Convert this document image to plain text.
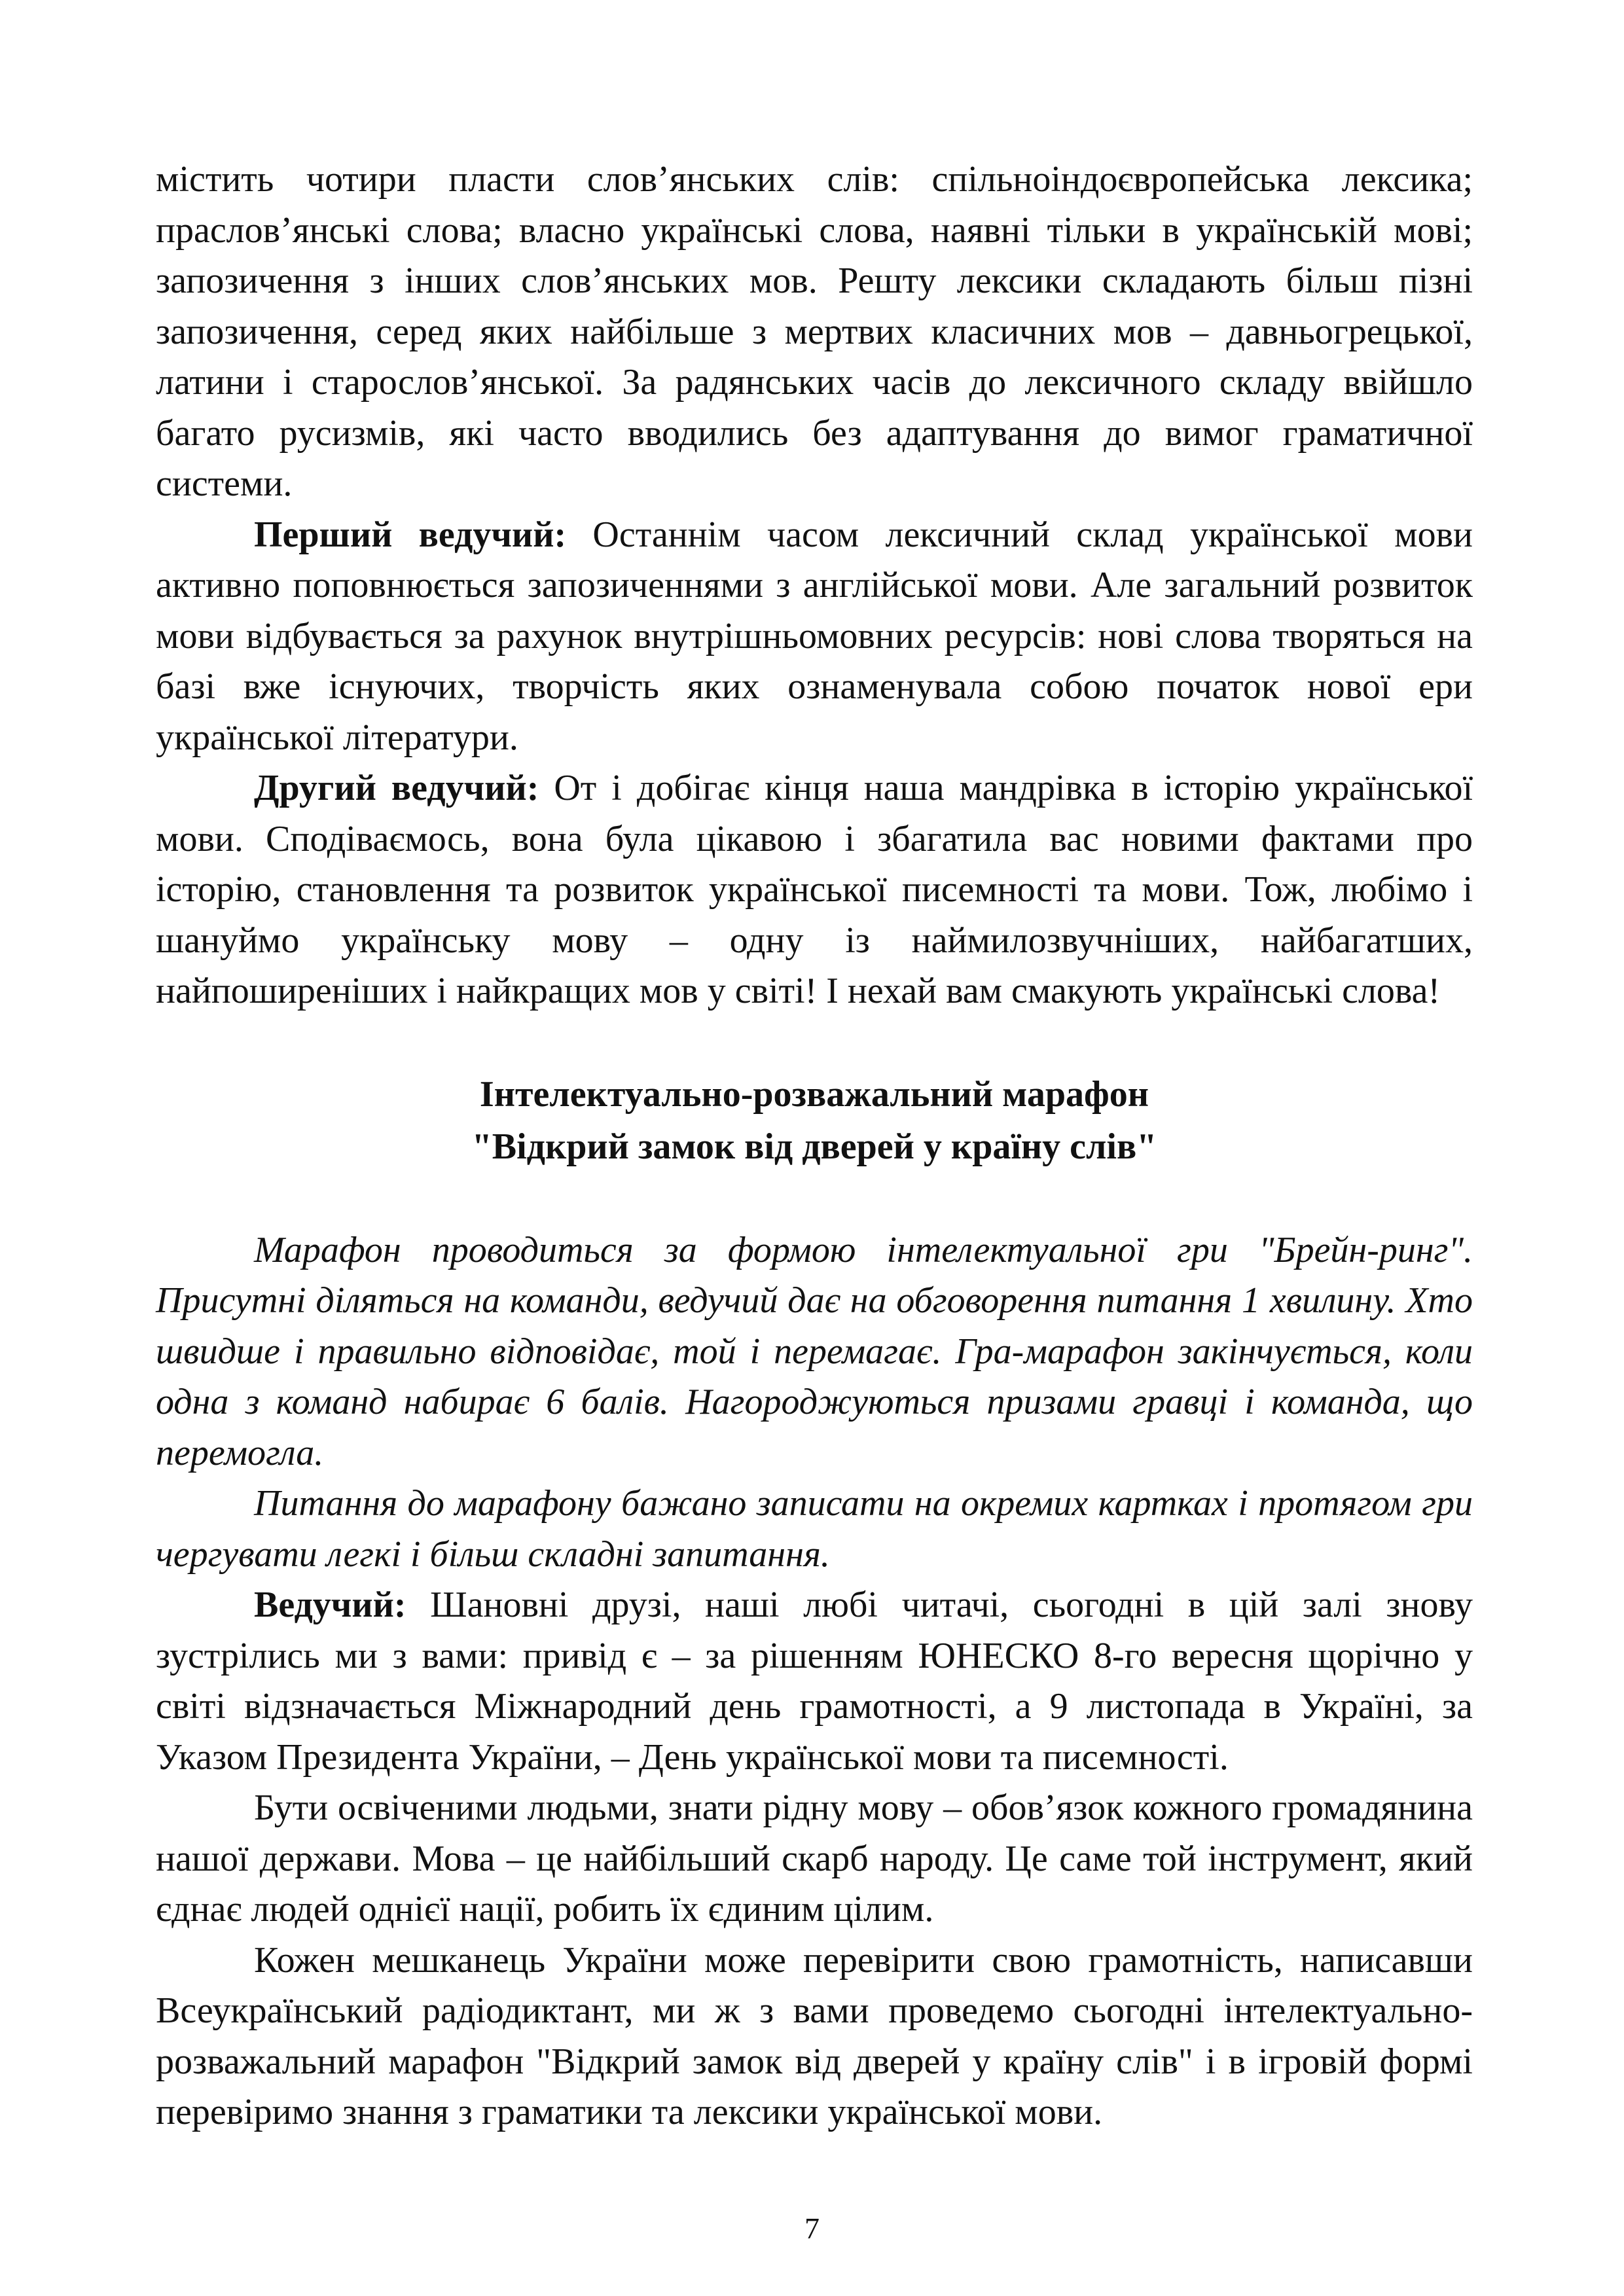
містить чотири пласти слов’янських слів: спільноіндоєвропейська лексика; праслов’янські слова; власно українські слова, наявні тільки в українській мові; запозичення з інших слов’янських мов. Решту лексики складають більш пізні запозичення, серед яких найбільше з мертвих класичних мов – давньогрецької, латини і старослов’янської. За радянських часів до лексичного складу ввійшло багато русизмів, які часто вводились без адаптування до вимог граматичної системи.

Перший ведучий: Останнім часом лексичний склад української мови активно поповнюється запозиченнями з англійської мови. Але загальний розвиток мови відбувається за рахунок внутрішньомовних ресурсів: нові слова творяться на базі вже існуючих, творчість яких ознаменувала собою початок нової ери української літератури.

Другий ведучий: От і добігає кінця наша мандрівка в історію української мови. Сподіваємось, вона була цікавою і збагатила вас новими фактами про історію, становлення та розвиток української писемності та мови. Тож, любімо і шануймо українську мову – одну із наймилозвучніших, найбагатших, найпоширеніших і найкращих мов у світі! І нехай вам смакують українські слова!

Інтелектуально-розважальний марафон

"Відкрий замок від дверей у країну слів"

Марафон проводиться за формою інтелектуальної гри "Брейн-ринг". Присутні діляться на команди, ведучий дає на обговорення питання 1 хвилину. Хто швидше і правильно відповідає, той і перемагає. Гра-марафон закінчується, коли одна з команд набирає 6 балів. Нагороджуються призами гравці і команда, що перемогла.

Питання до марафону бажано записати на окремих картках і протягом гри чергувати легкі і більш складні запитання.

Ведучий: Шановні друзі, наші любі читачі, сьогодні в цій залі знову зустрілись ми з вами: привід є – за рішенням ЮНЕСКО 8-го вересня щорічно у світі відзначається Міжнародний день грамотності, а 9 листопада в Україні, за Указом Президента України, – День української мови та писемності.

Бути освіченими людьми, знати рідну мову – обов’язок кожного громадянина нашої держави. Мова – це найбільший скарб народу. Це саме той інструмент, який єднає людей однієї нації, робить їх єдиним цілим.

Кожен мешканець України може перевірити свою грамотність, написавши Всеукраїнський радіодиктант, ми ж з вами проведемо сьогодні інтелектуально-розважальний марафон "Відкрий замок від дверей у країну слів" і в ігровій формі перевіримо знання з граматики та лексики української мови.

7
